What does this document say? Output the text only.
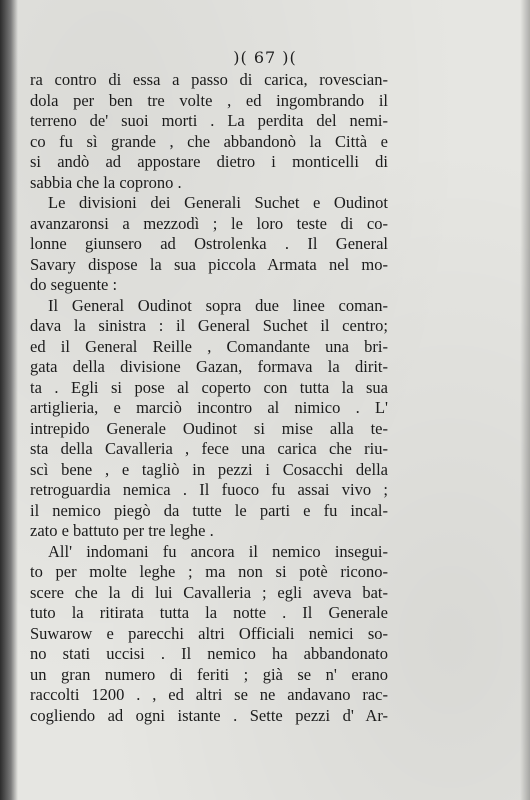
)( 67 )(
ra contro di essa a passo di carica, rovescian-
dola per ben tre volte , ed ingombrando il
terreno de' suoi morti . La perdita del nemi-
co fu sì grande , che abbandonò la Città e
si andò ad appostare dietro i monticelli di
sabbia che la coprono .
Le divisioni dei Generali Suchet e Oudinot
avanzaronsi a mezzodì ; le loro teste di co-
lonne giunsero ad Ostrolenka . Il General
Savary dispose la sua piccola Armata nel mo-
do seguente :
Il General Oudinot sopra due linee coman-
dava la sinistra : il General Suchet il centro;
ed il General Reille , Comandante una bri-
gata della divisione Gazan, formava la dirit-
ta . Egli si pose al coperto con tutta la sua
artiglieria, e marciò incontro al nimico . L'
intrepido Generale Oudinot si mise alla te-
sta della Cavalleria , fece una carica che riu-
scì bene , e tagliò in pezzi i Cosacchi della
retroguardia nemica . Il fuoco fu assai vivo ;
il nemico piegò da tutte le parti e fu incal-
zato e battuto per tre leghe .
All' indomani fu ancora il nemico insegui-
to per molte leghe ; ma non si potè ricono-
scere che la di lui Cavalleria ; egli aveva bat-
tuto la ritirata tutta la notte . Il Generale
Suwarow e parecchi altri Officiali nemici so-
no stati uccisi . Il nemico ha abbandonato
un gran numero di feriti ; già se n' erano
raccolti 1200 . , ed altri se ne andavano rac-
cogliendo ad ogni istante . Sette pezzi d' Ar-
